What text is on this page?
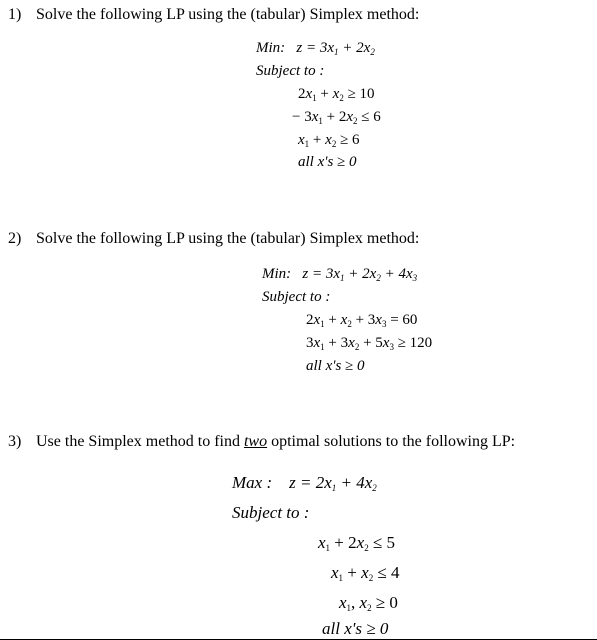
1) Solve the following LP using the (tabular) Simplex method:
Min:   $z = 3x_1 + 2x_2$
Subject to :
$2x_1 + x_2 \ge 10$
− $3x_1 + 2x_2 \le 6$
$x_1 + x_2 \ge 6$
all x's ≥ 0
2) Solve the following LP using the (tabular) Simplex method:
Min:   $z = 3x_1 + 2x_2 + 4x_3$
Subject to :
$2x_1 + x_2 + 3x_3 = 60$
$3x_1 + 3x_2 + 5x_3 \ge 120$
all x's ≥ 0
3) Use the Simplex method to find two optimal solutions to the following LP:
Max :    $z = 2x_1 + 4x_2$
Subject to :
$x_1 + 2x_2 \le 5$
$x_1 + x_2 \le 4$
$x_1$, $x_2 \ge 0$
all x's ≥ 0
